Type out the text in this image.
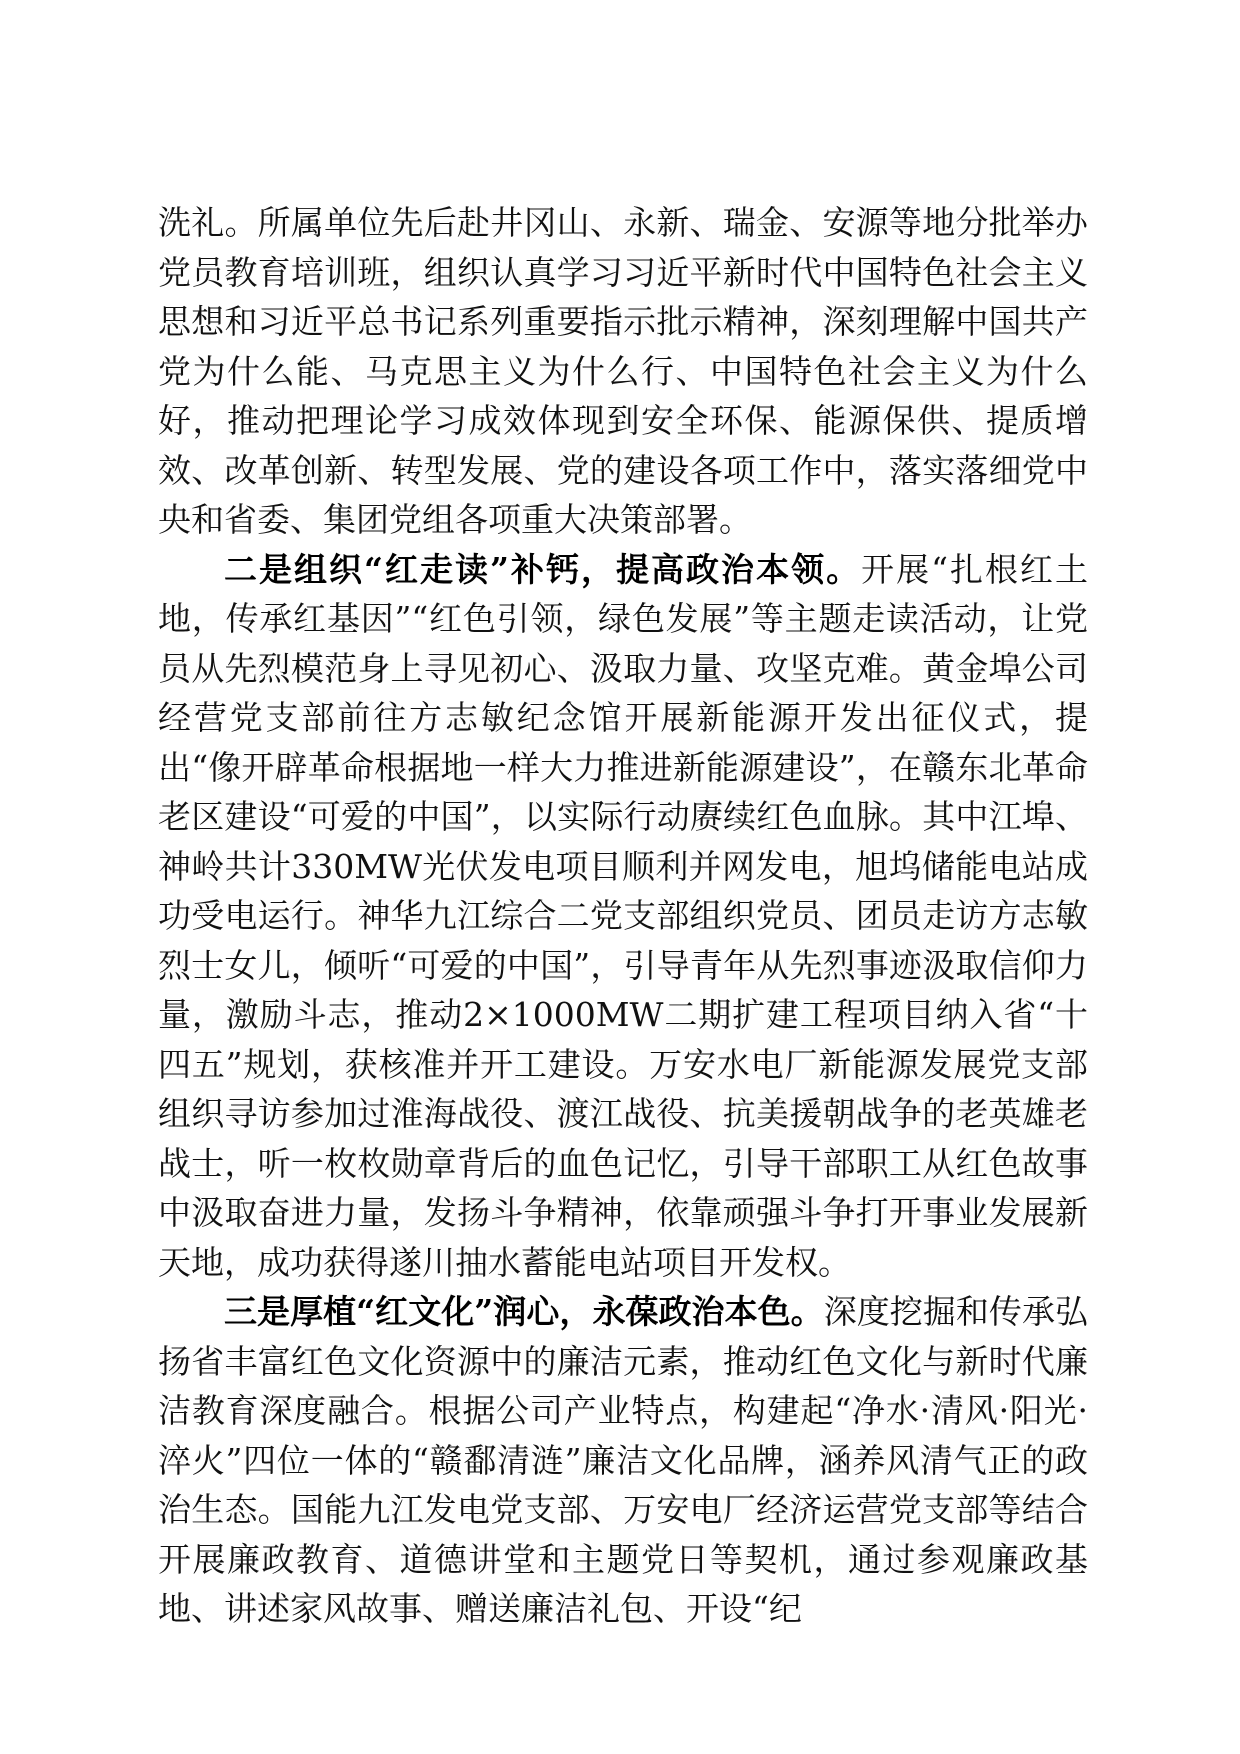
洗礼。所属单位先后赴井冈山、永新、瑞金、安源等地分批举办党员教育培训班，组织认真学习习近平新时代中国特色社会主义思想和习近平总书记系列重要指示批示精神，深刻理解中国共产党为什么能、马克思主义为什么行、中国特色社会主义为什么好，推动把理论学习成效体现到安全环保、能源保供、提质增效、改革创新、转型发展、党的建设各项工作中，落实落细党中央和省委、集团党组各项重大决策部署。

二是组织“红走读”补钙，提高政治本领。开展“扎根红土地，传承红基因”“红色引领，绿色发展”等主题走读活动，让党员从先烈模范身上寻见初心、汲取力量、攻坚克难。黄金埠公司经营党支部前往方志敏纪念馆开展新能源开发出征仪式，提出“像开辟革命根据地一样大力推进新能源建设”，在赣东北革命老区建设“可爱的中国”，以实际行动赓续红色血脉。其中江埠、神岭共计330MW光伏发电项目顺利并网发电，旭坞储能电站成功受电运行。神华九江综合二党支部组织党员、团员走访方志敏烈士女儿，倾听“可爱的中国”，引导青年从先烈事迹汲取信仰力量，激励斗志，推动2×1000MW二期扩建工程项目纳入省“十四五”规划，获核准并开工建设。万安水电厂新能源发展党支部组织寻访参加过淮海战役、渡江战役、抗美援朝战争的老英雄老战士，听一枚枚勋章背后的血色记忆，引导干部职工从红色故事中汲取奋进力量，发扬斗争精神，依靠顽强斗争打开事业发展新天地，成功获得遂川抽水蓄能电站项目开发权。

三是厚植“红文化”润心，永葆政治本色。深度挖掘和传承弘扬省丰富红色文化资源中的廉洁元素，推动红色文化与新时代廉洁教育深度融合。根据公司产业特点，构建起“净水·清风·阳光·淬火”四位一体的“赣鄱清涟”廉洁文化品牌，涵养风清气正的政治生态。国能九江发电党支部、万安电厂经济运营党支部等结合开展廉政教育、道德讲堂和主题党日等契机，通过参观廉政基地、讲述家风故事、赠送廉洁礼包、开设“纪
